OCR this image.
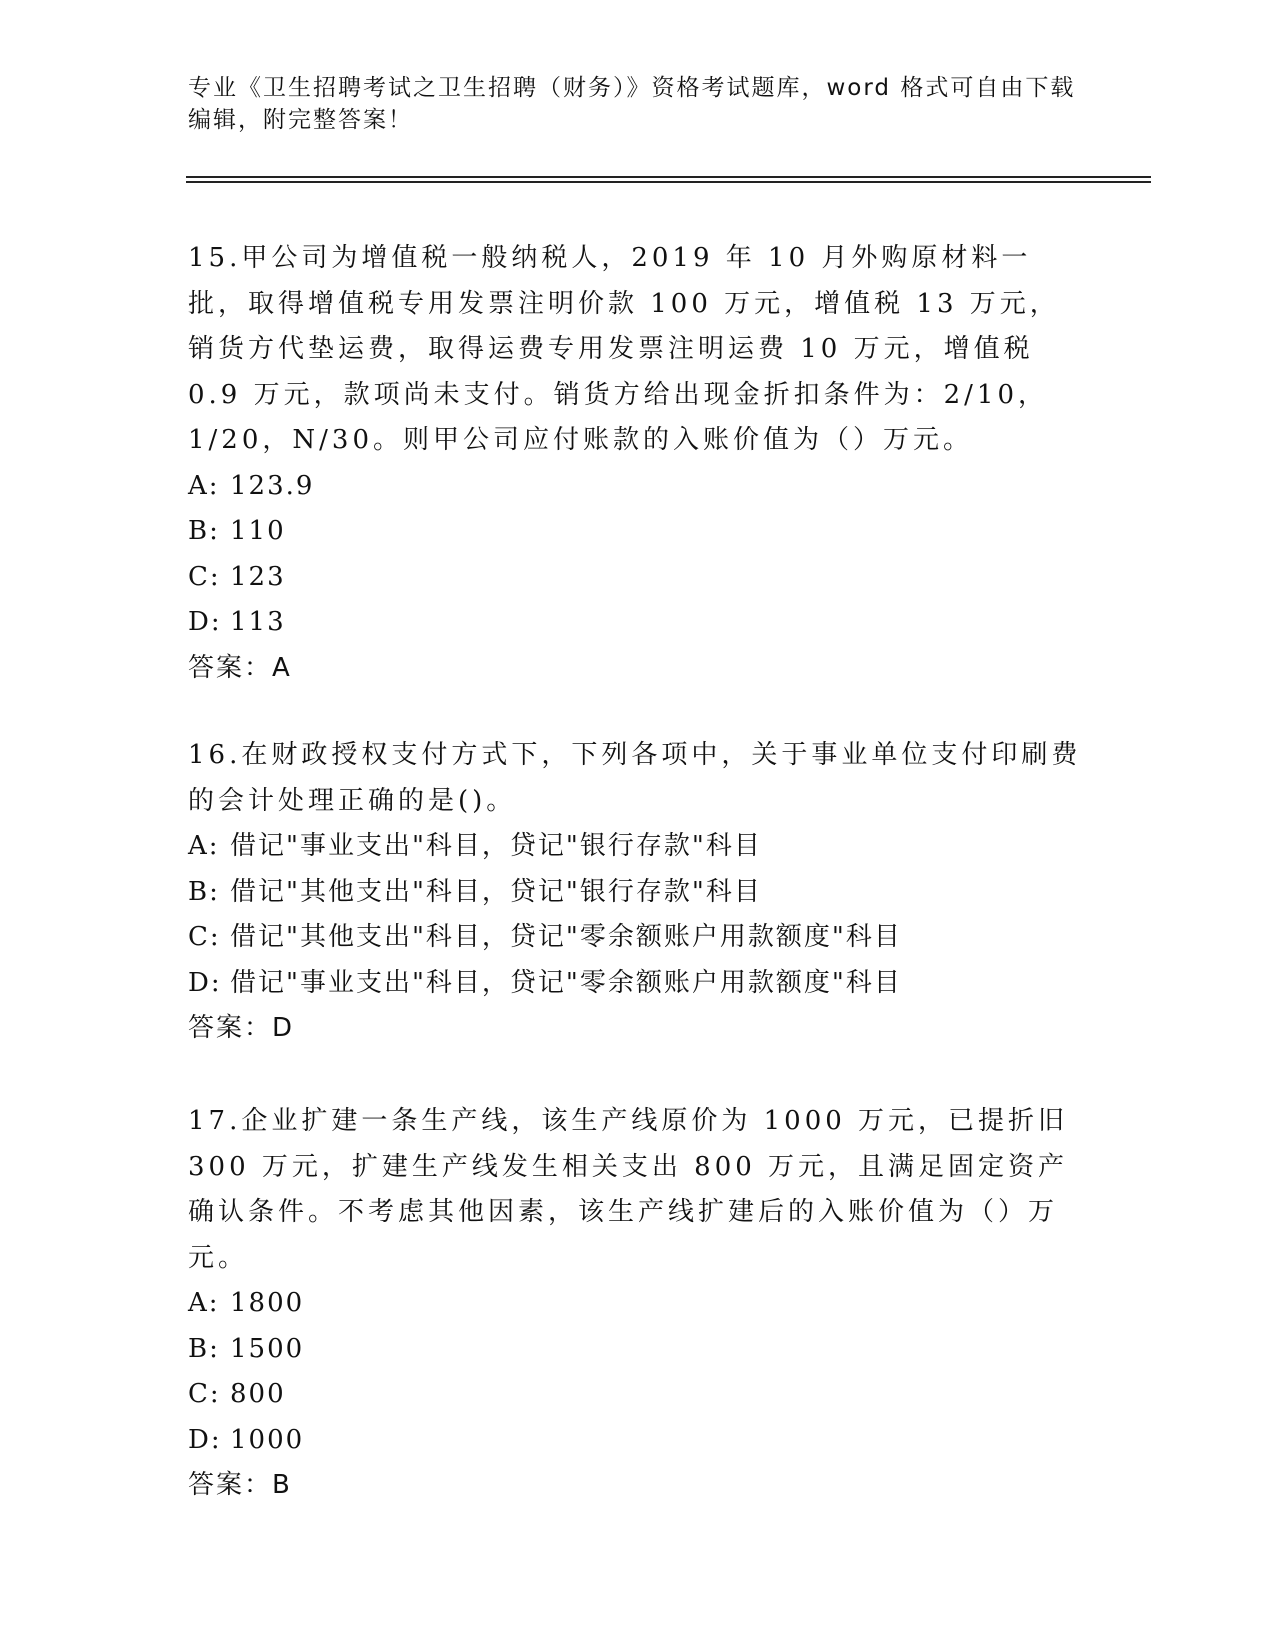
专业《卫生招聘考试之卫生招聘（财务）》资格考试题库，word 格式可自由下载编辑，附完整答案！
15.甲公司为增值税一般纳税人，2019 年 10 月外购原材料一批，取得增值税专用发票注明价款 100 万元，增值税 13 万元，销货方代垫运费，取得运费专用发票注明运费 10 万元，增值税 0.9 万元，款项尚未支付。销货方给出现金折扣条件为：2/10，1/20，N/30。则甲公司应付账款的入账价值为（）万元。
A: 123.9
B: 110
C: 123
D: 113
答案：A
16.在财政授权支付方式下，下列各项中，关于事业单位支付印刷费的会计处理正确的是()。
A: 借记"事业支出"科目，贷记"银行存款"科目
B: 借记"其他支出"科目，贷记"银行存款"科目
C: 借记"其他支出"科目，贷记"零余额账户用款额度"科目
D: 借记"事业支出"科目，贷记"零余额账户用款额度"科目
答案：D
17.企业扩建一条生产线，该生产线原价为 1000 万元，已提折旧 300 万元，扩建生产线发生相关支出 800 万元，且满足固定资产确认条件。不考虑其他因素，该生产线扩建后的入账价值为（）万元。
A: 1800
B: 1500
C: 800
D: 1000
答案：B
